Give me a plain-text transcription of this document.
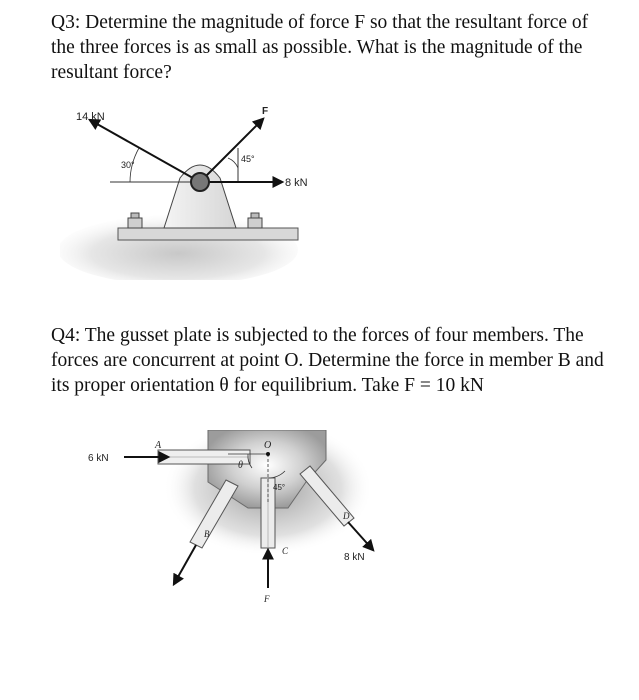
Q3: Determine the magnitude of force F so that the resultant force of the three forces is as small as possible. What is the magnitude of the resultant force?

14 kN	F
8 kN
30°
45°

Q4: The gusset plate is subjected to the forces of four members. The forces are concurrent at point O. Determine the force in member B and its proper orientation θ for equilibrium. Take F = 10 kN

6 kN
A	O
θ
45°
B
C
D
8 kN
F
